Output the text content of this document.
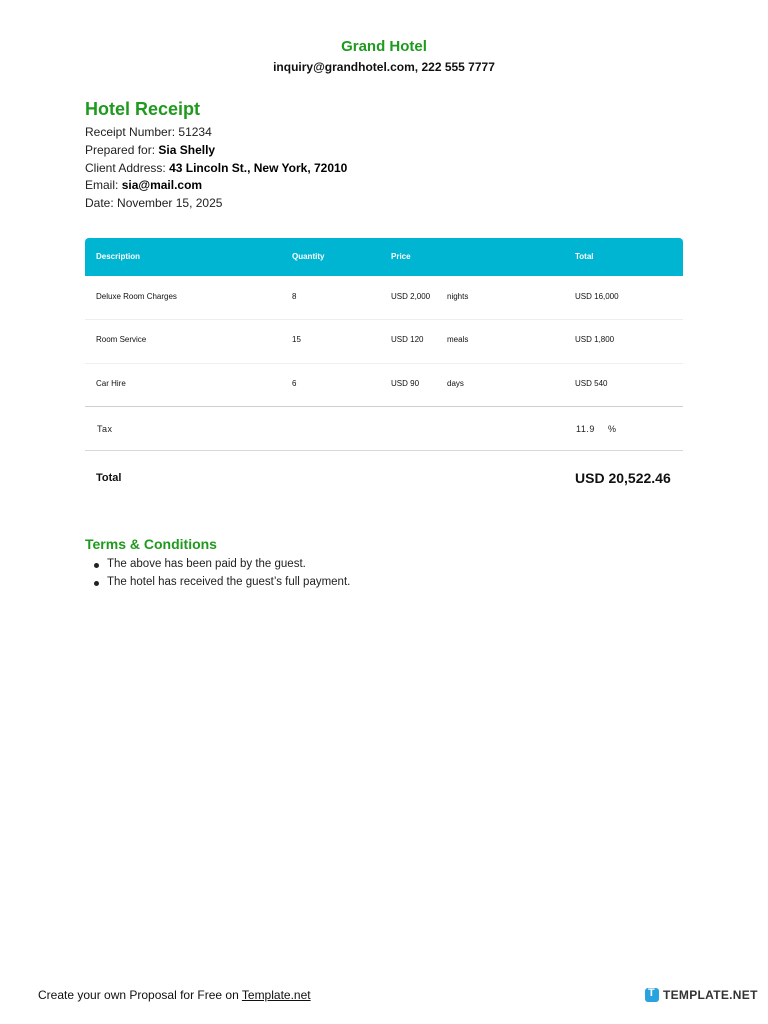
Grand Hotel
inquiry@grandhotel.com, 222 555 7777
Hotel Receipt
Receipt Number: 51234
Prepared for: Sia Shelly
Client Address: 43 Lincoln St., New York, 72010
Email: sia@mail.com
Date: November 15, 2025
Description	Quantity	Price	Total
Deluxe Room Charges	8	USD 2,000 nights	USD 16,000
Room Service	15	USD 120	meals	USD 1,800
Car Hire	6	USD 90	days	USD 540
Tax	11.9 %
Total	USD 20,522.46
Terms & Conditions
The above has been paid by the guest.
The hotel has received the guest’s full payment.
Create your own Proposal for Free on Template.net
T	TEMPLATE.NET
